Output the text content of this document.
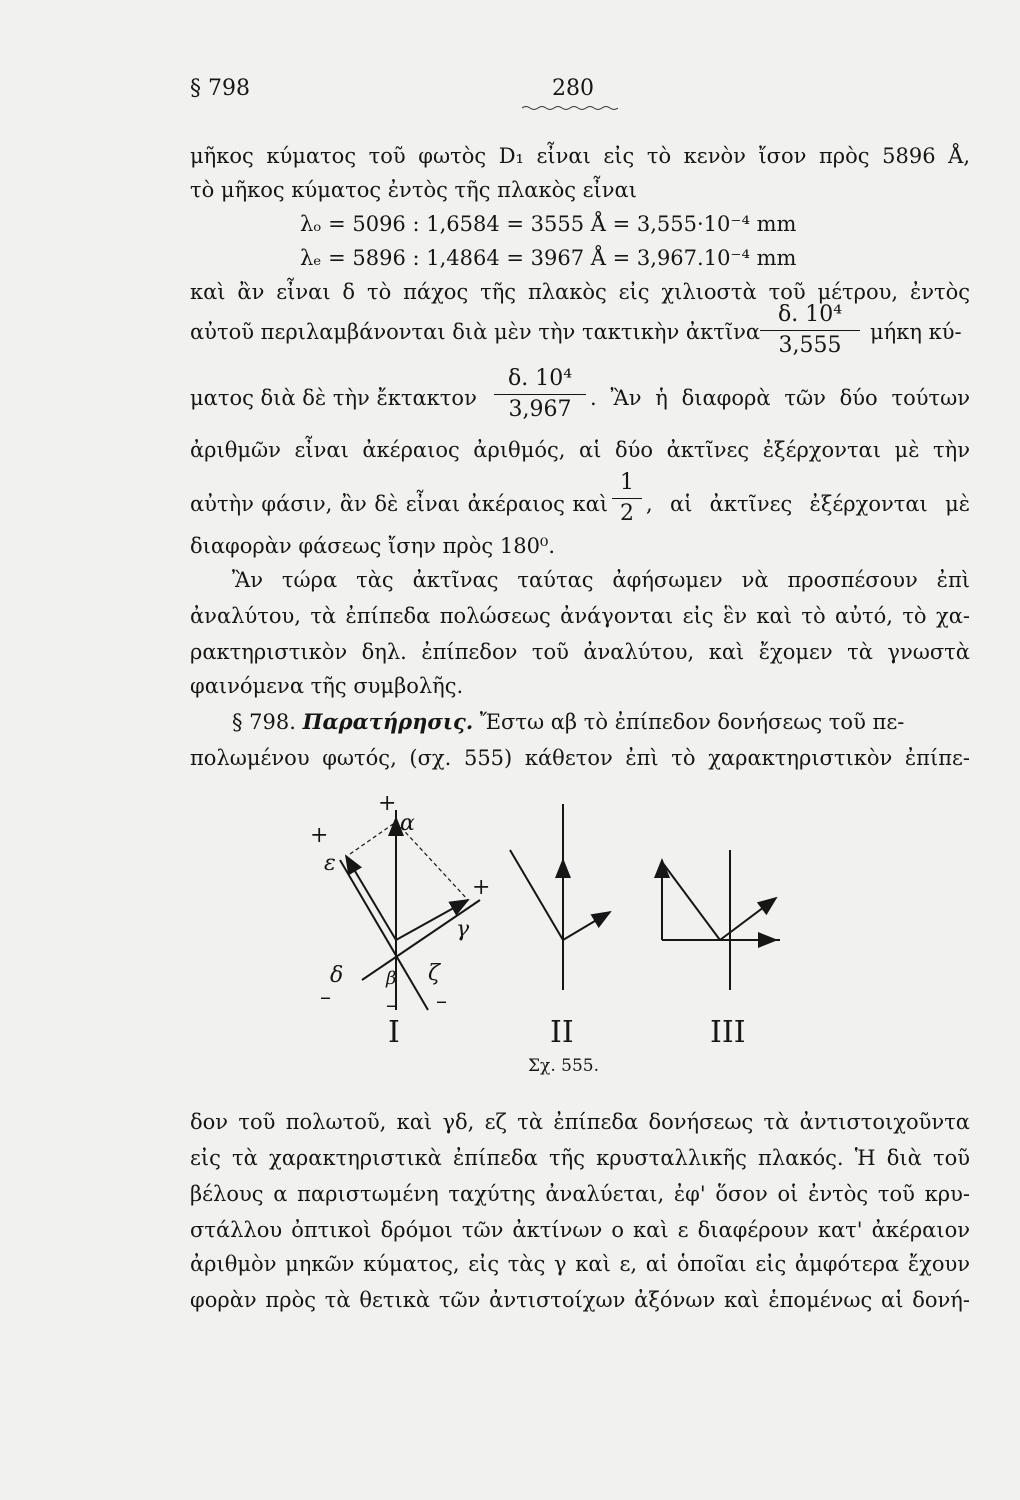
§ 798	280
μῆκος κύματος τοῦ φωτὸς D₁ εἶναι εἰς τὸ κενὸν ἴσον πρὸς 5896 Å,
τὸ μῆκος κύματος ἐντὸς τῆς πλακὸς εἶναι
λₒ = 5096 : 1,6584 = 3555 Å = 3,555·10⁻⁴ mm
λₑ = 5896 : 1,4864 = 3967 Å = 3,967.10⁻⁴ mm
καὶ ἂν εἶναι δ τὸ πάχος τῆς πλακὸς εἰς χιλιοστὰ τοῦ μέτρου, ἐντὸς
αὐτοῦ περιλαμβάνονται διὰ μὲν τὴν τακτικὴν ἀκτῖνα
δ. 10⁴
3,555
μήκη κύ-
ματος διὰ δὲ τὴν ἔκτακτον
δ. 10⁴
3,967 . Ἂν ἡ διαφορὰ τῶν δύο τούτων
ἀριθμῶν εἶναι ἀκέραιος ἀριθμός, αἱ δύο ἀκτῖνες ἐξέρχονται μὲ τὴν
αὐτὴν φάσιν, ἂν δὲ εἶναι ἀκέραιος καὶ
1
2 , αἱ ἀκτῖνες ἐξέρχονται μὲ
διαφορὰν φάσεως ἴσην πρὸς 180⁰.
Ἂν τώρα τὰς ἀκτῖνας ταύτας ἀφήσωμεν νὰ προσπέσουν ἐπὶ
ἀναλύτου, τὰ ἐπίπεδα πολώσεως ἀνάγονται εἰς ἓν καὶ τὸ αὐτό, τὸ χα-
ρακτηριστικὸν δηλ. ἐπίπεδον τοῦ ἀναλύτου, καὶ ἔχομεν τὰ γνωστὰ
φαινόμενα τῆς συμβολῆς.
§ 798. Παρατήρησις. Ἔστω αβ τὸ ἐπίπεδον δονήσεως τοῦ πε-
πολωμένου φωτός, (σχ. 555) κάθετον ἐπὶ τὸ χαρακτηριστικὸν ἐπίπε-
+
α
+
ε
+
γ
δ β ζ
–	– –
I	II	III
Σχ. 555.
δον τοῦ πολωτοῦ, καὶ γδ, εζ τὰ ἐπίπεδα δονήσεως τὰ ἀντιστοιχοῦντα
εἰς τὰ χαρακτηριστικὰ ἐπίπεδα τῆς κρυσταλλικῆς πλακός. Ἡ διὰ τοῦ
βέλους α παριστωμένη ταχύτης ἀναλύεται, ἐφ' ὅσον οἱ ἐντὸς τοῦ κρυ-
στάλλου ὀπτικοὶ δρόμοι τῶν ἀκτίνων ο καὶ ε διαφέρουν κατ' ἀκέραιον
ἀριθμὸν μηκῶν κύματος, εἰς τὰς γ καὶ ε, αἱ ὁποῖαι εἰς ἀμφότερα ἔχουν
φορὰν πρὸς τὰ θετικὰ τῶν ἀντιστοίχων ἀξόνων καὶ ἑπομένως αἱ δονή-
